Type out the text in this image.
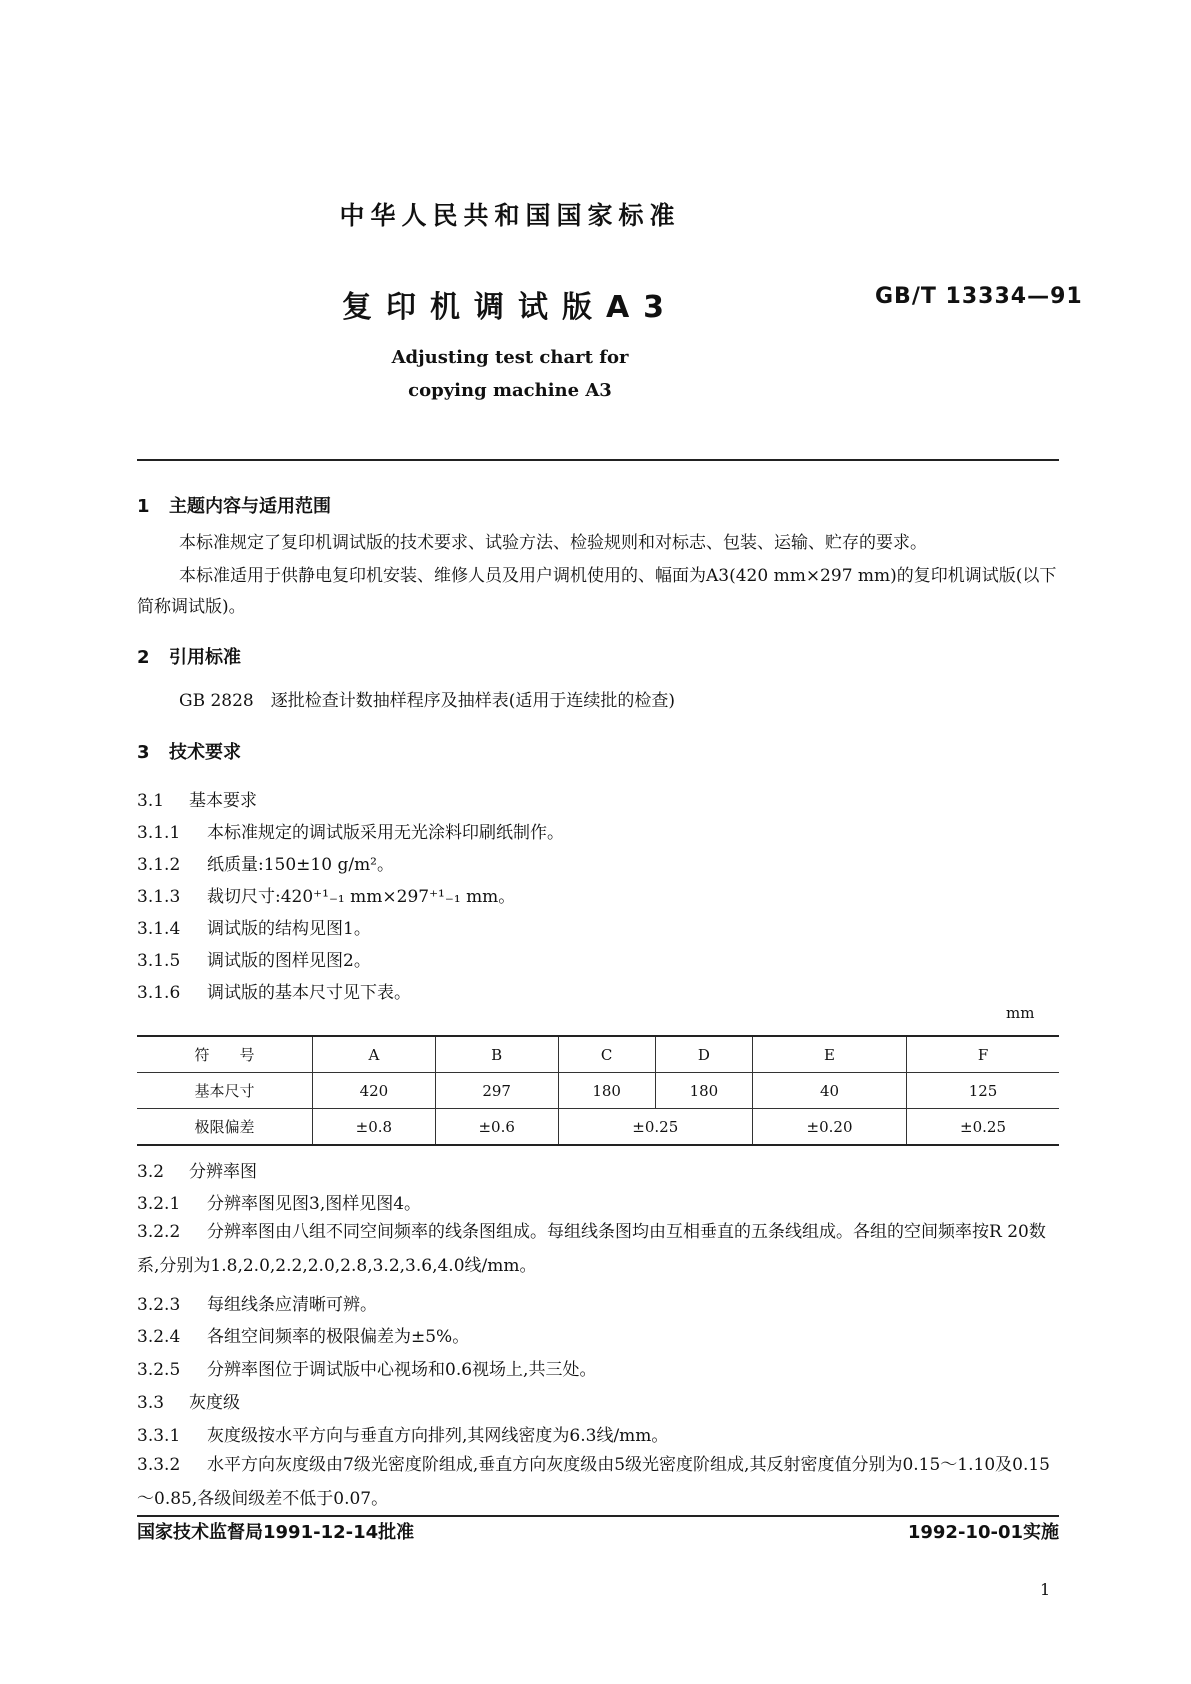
中华人民共和国国家标准
复印机调试版A3	GB/T 13334—91
Adjusting test chart for
copying machine A3
1 主题内容与适用范围
本标准规定了复印机调试版的技术要求、试验方法、检验规则和对标志、包装、运输、贮存的要求。
本标准适用于供静电复印机安装、维修人员及用户调机使用的、幅面为A3(420 mm×297 mm)的复印机调试版(以下简称调试版)。
2 引用标准
GB 2828　逐批检查计数抽样程序及抽样表(适用于连续批的检查)
3 技术要求
3.1 基本要求
3.1.1 本标准规定的调试版采用无光涂料印刷纸制作。
3.1.2 纸质量:150±10 g/m²。
3.1.3 裁切尺寸:420⁺¹₋₁ mm×297⁺¹₋₁ mm。
3.1.4 调试版的结构见图1。
3.1.5 调试版的图样见图2。
3.1.6 调试版的基本尺寸见下表。
mm
符　　号	A	B	C	D	E	F
基本尺寸	420	297	180	180	40	125
极限偏差	±0.8	±0.6	±0.25		±0.20	±0.25
3.2 分辨率图
3.2.1 分辨率图见图3,图样见图4。
3.2.2 分辨率图由八组不同空间频率的线条图组成。每组线条图均由互相垂直的五条线组成。各组的空间频率按R 20数系,分别为1.8,2.0,2.2,2.0,2.8,3.2,3.6,4.0线/mm。
3.2.3 每组线条应清晰可辨。
3.2.4 各组空间频率的极限偏差为±5%。
3.2.5 分辨率图位于调试版中心视场和0.6视场上,共三处。
3.3 灰度级
3.3.1 灰度级按水平方向与垂直方向排列,其网线密度为6.3线/mm。
3.3.2 水平方向灰度级由7级光密度阶组成,垂直方向灰度级由5级光密度阶组成,其反射密度值分别为0.15～1.10及0.15～0.85,各级间级差不低于0.07。
国家技术监督局1991-12-14批准	1992-10-01实施
1
